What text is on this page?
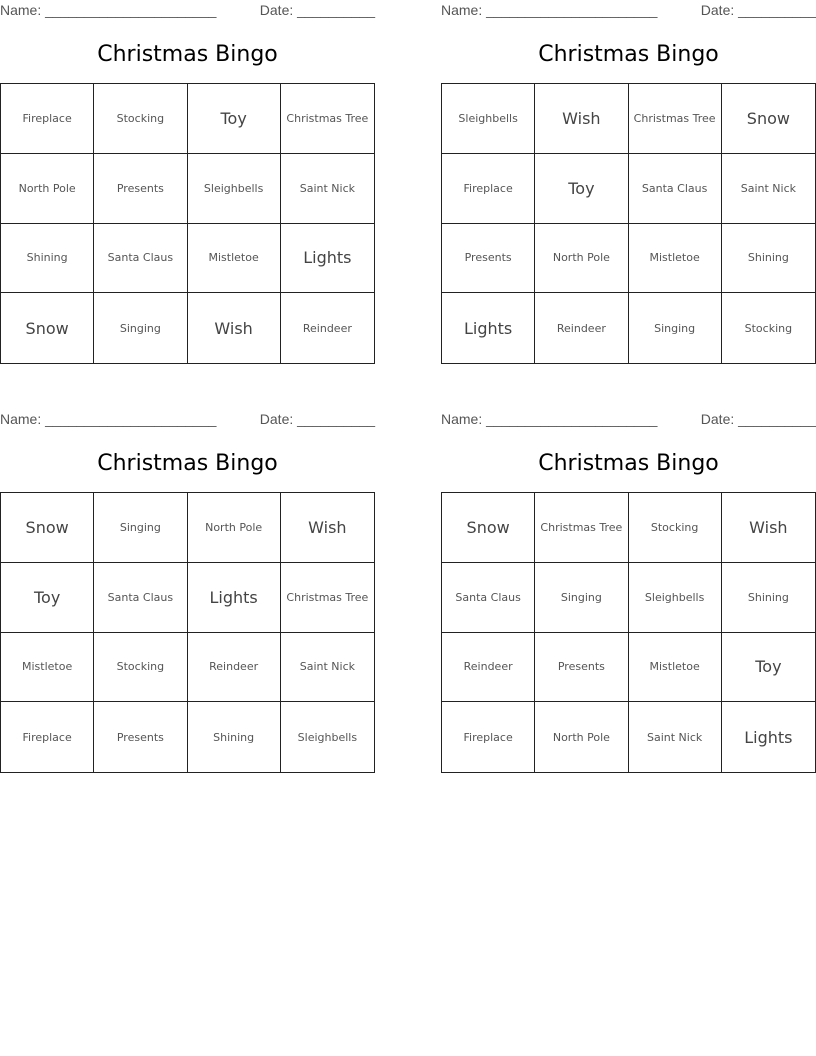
Name: ______________________	Date: __________
Christmas Bingo
Fireplace	Stocking	Toy	Christmas Tree
North Pole	Presents	Sleighbells	Saint Nick
Shining	Santa Claus	Mistletoe	Lights
Snow	Singing	Wish	Reindeer
Name: ______________________	Date: __________
Christmas Bingo
Sleighbells	Wish	Christmas Tree	Snow
Fireplace	Toy	Santa Claus	Saint Nick
Presents	North Pole	Mistletoe	Shining
Lights	Reindeer	Singing	Stocking
Name: ______________________	Date: __________
Christmas Bingo
Snow	Singing	North Pole	Wish
Toy	Santa Claus	Lights	Christmas Tree
Mistletoe	Stocking	Reindeer	Saint Nick
Fireplace	Presents	Shining	Sleighbells
Name: ______________________	Date: __________
Christmas Bingo
Snow	Christmas Tree	Stocking	Wish
Santa Claus	Singing	Sleighbells	Shining
Reindeer	Presents	Mistletoe	Toy
Fireplace	North Pole	Saint Nick	Lights
